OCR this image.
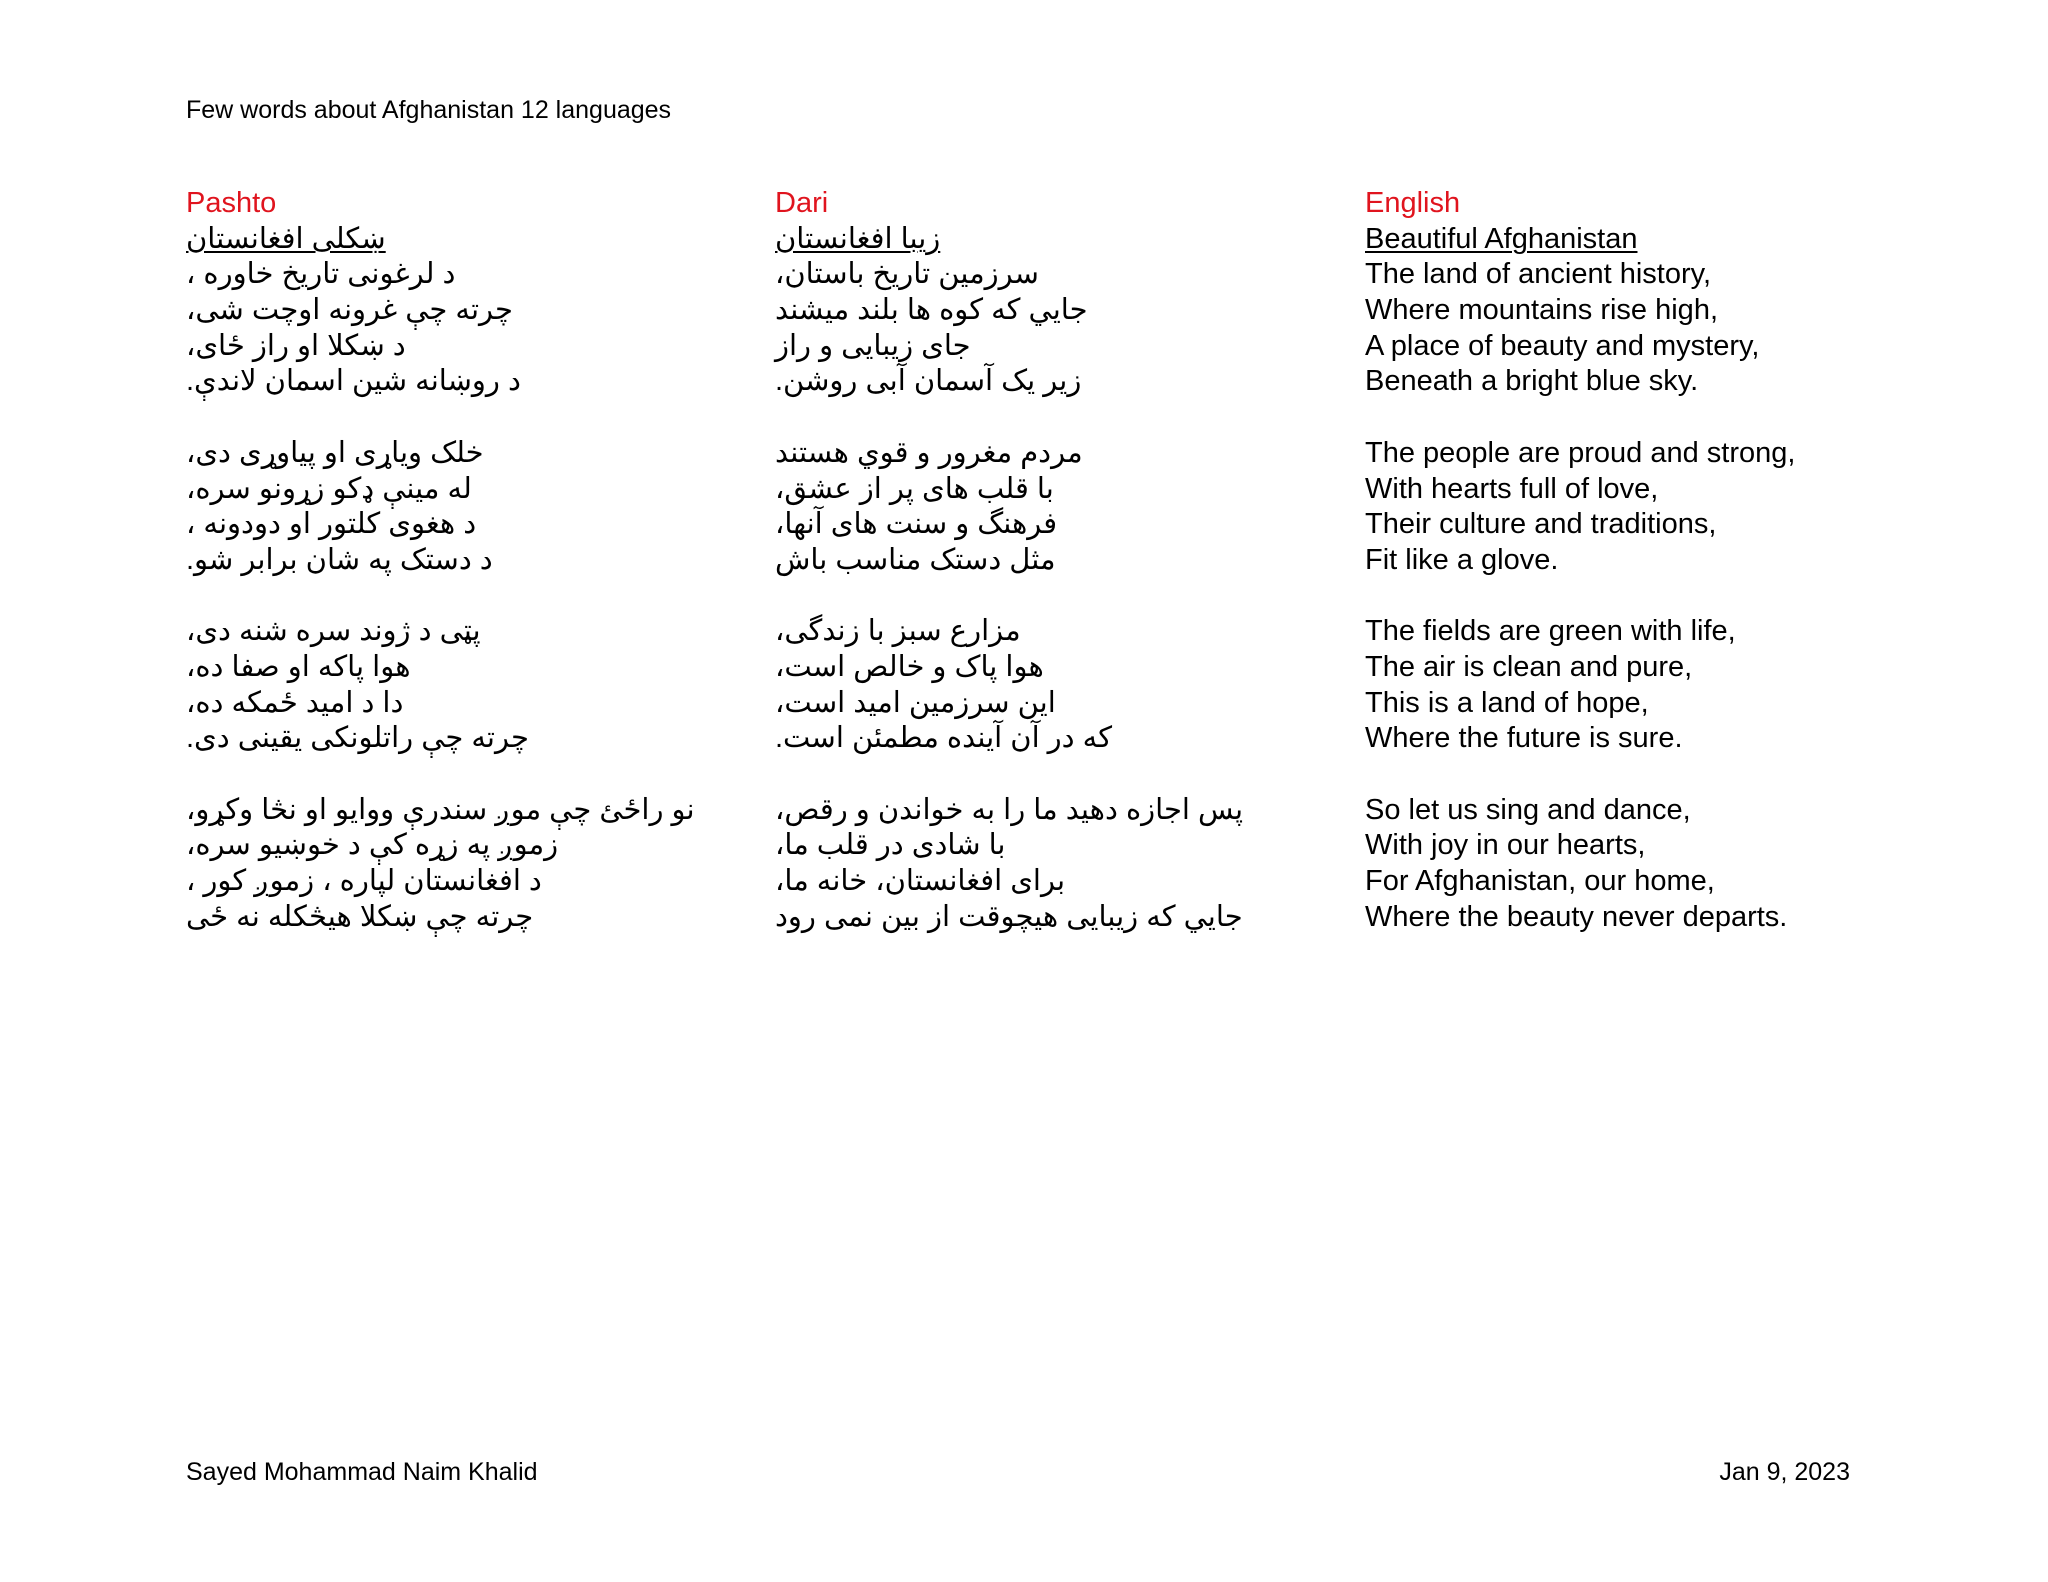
Few words about Afghanistan 12 languages
Pashto
ښکلی افغانستان
د لرغونی تاریخ خاوره ،
چرته چې غرونه اوچت شی،
د ښکلا او راز ځای،
د روښانه شین اسمان لاندې.
خلک وياړی او پیاوړی دی،
له مينې ډکو زړونو سره،
د هغوی کلتور او دودونه ،
د دستک په شان برابر شو.
پټی د ژوند سره شنه دی،
هوا پاکه او صفا ده،
دا د امید ځمکه ده،
چرته چې راتلونکی یقینی دی.
نو راځئ چې موږ سندرې ووايو او نڅا وکړو،
زموږ په زړه کې د خوښيو سره،
د افغانستان لپاره ، زموږ کور ،
چرته چې ښکلا هیڅکله نه ځی
Dari
زيبا افغانستان
سرزمین تاریخ باستان،
جایي که کوه ها بلند میشند
جای زیبایی و راز
زیر یک آسمان آبی روشن.
مردم مغرور و قوي هستند
با قلب های پر از عشق،
فرهنگ و سنت های آنها،
مثل دستک مناسب باش
مزارع سبز با زندگی،
هوا پاک و خالص است،
این سرزمین امید است،
که در آن آینده مطمئن است.
پس اجازه دهید ما را به خواندن و رقص،
با شادی در قلب ما،
برای افغانستان، خانه ما،
جایي که زیبایی هیچوقت از بین نمی رود
English
Beautiful Afghanistan
The land of ancient history,
Where mountains rise high,
A place of beauty and mystery,
Beneath a bright blue sky.
The people are proud and strong,
With hearts full of love,
Their culture and traditions,
Fit like a glove.
The fields are green with life,
The air is clean and pure,
This is a land of hope,
Where the future is sure.
So let us sing and dance,
With joy in our hearts,
For Afghanistan, our home,
Where the beauty never departs.
Sayed Mohammad Naim Khalid	Jan 9, 2023
